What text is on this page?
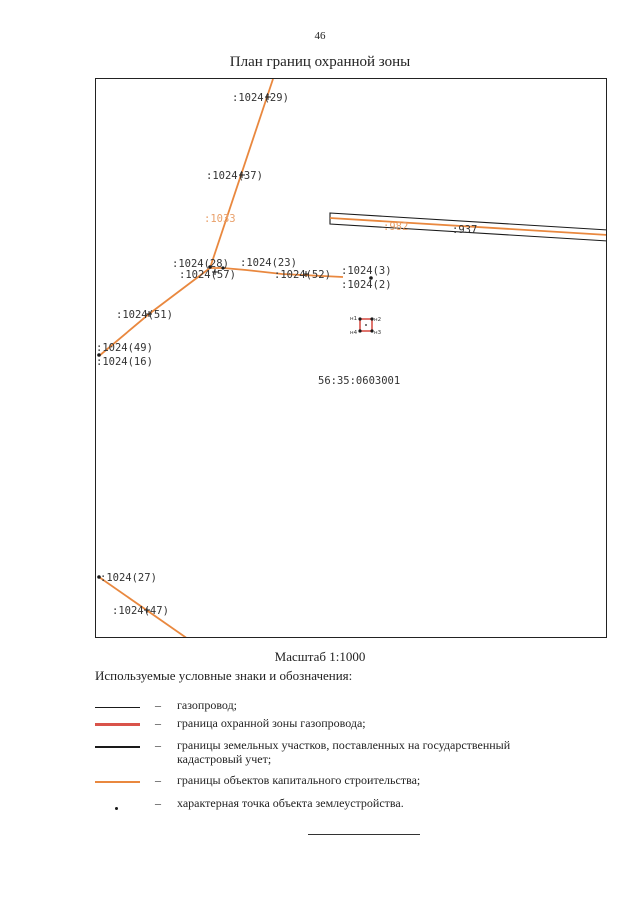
46
План границ охранной зоны
:1024(29)
:1024(37)
:1033
:982	:937
:1024(28) :1024(23)
:1024(57)	:1024(52) :1024(3)
:1024(2)
:1024(51)
:1024(49)
:1024(16)
56:35:0603001
:1024(27)
:1024(47)
н1	н2
н3
н4
Масштаб 1:1000
Используемые условные знаки и обозначения:
– газопровод;
– граница охранной зоны газопровода;
– границы земельных участков, поставленных на государственный кадастровый учет;
– границы объектов капитального строительства;
– характерная точка объекта землеустройства.
